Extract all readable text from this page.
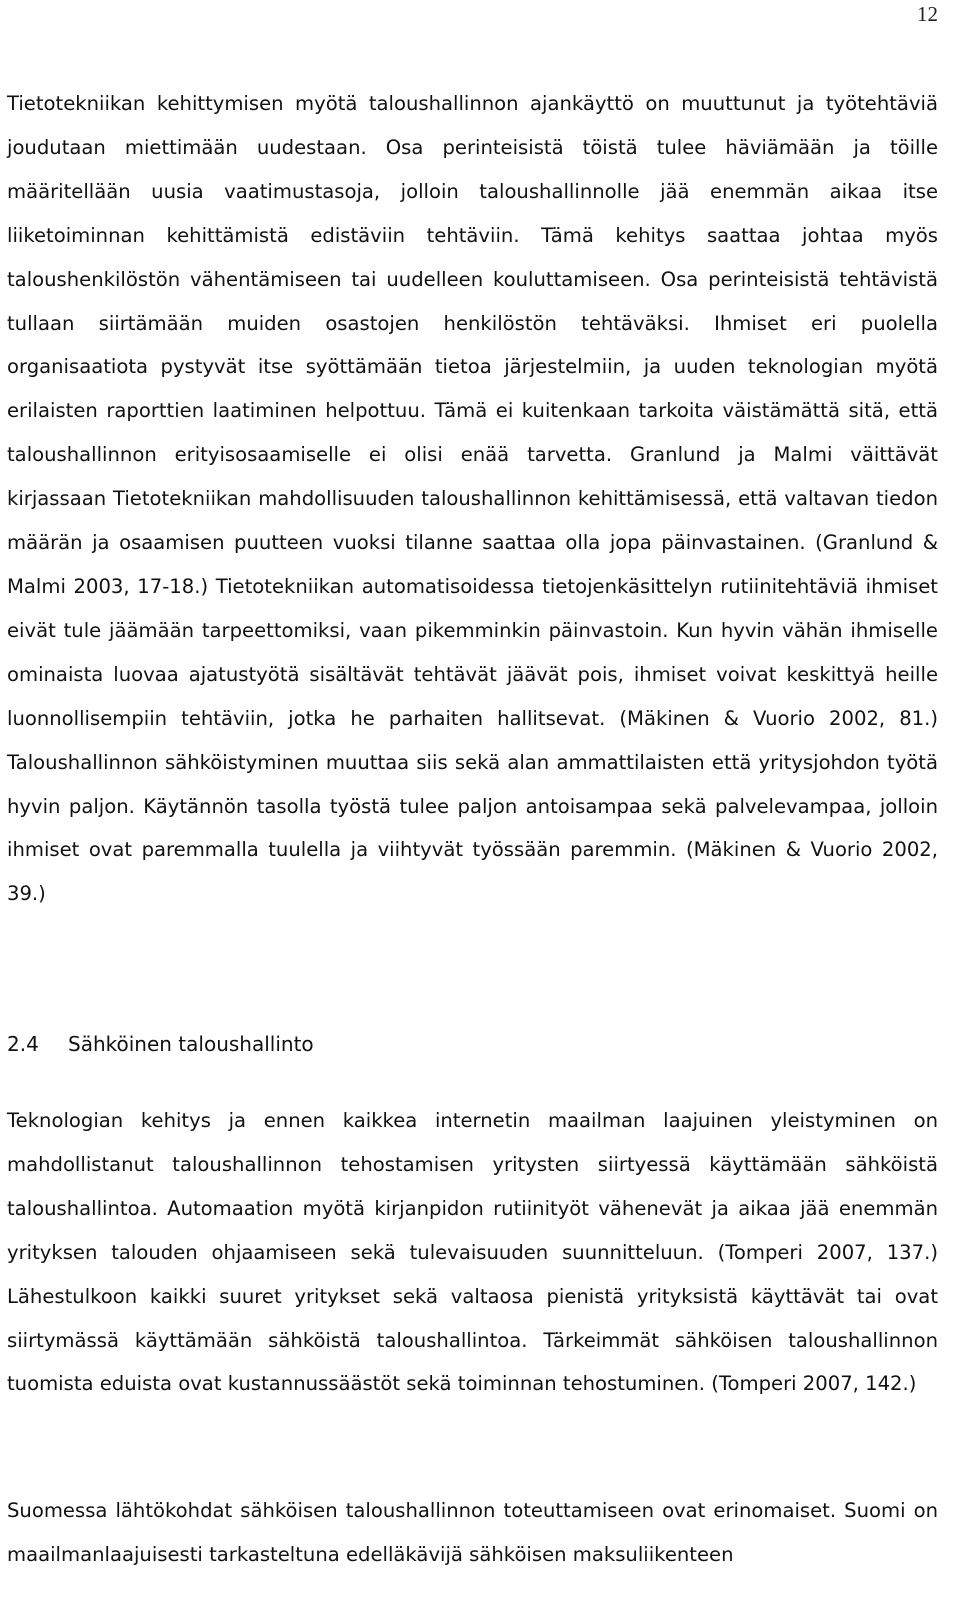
12

Tietotekniikan kehittymisen myötä taloushallinnon ajankäyttö on muuttunut ja työtehtäviä joudutaan miettimään uudestaan. Osa perinteisistä töistä tulee häviämään ja töille määritellään uusia vaatimustasoja, jolloin taloushallinnolle jää enemmän aikaa itse liiketoiminnan kehittämistä edistäviin tehtäviin. Tämä kehitys saattaa johtaa myös taloushenkilöstön vähentämiseen tai uudelleen kouluttamiseen. Osa perinteisistä tehtävistä tullaan siirtämään muiden osastojen henkilöstön tehtäväksi. Ihmiset eri puolella organisaatiota pystyvät itse syöttämään tietoa järjestelmiin, ja uuden teknologian myötä erilaisten raporttien laatiminen helpottuu. Tämä ei kuitenkaan tarkoita väistämättä sitä, että taloushallinnon erityisosaamiselle ei olisi enää tarvetta. Granlund ja Malmi väittävät kirjassaan Tietotekniikan mahdollisuuden taloushallinnon kehittämisessä, että valtavan tiedon määrän ja osaamisen puutteen vuoksi tilanne saattaa olla jopa päinvastainen. (Granlund & Malmi 2003, 17-18.) Tietotekniikan automatisoidessa tietojenkäsittelyn rutiinitehtäviä ihmiset eivät tule jäämään tarpeettomiksi, vaan pikemminkin päinvastoin. Kun hyvin vähän ihmiselle ominaista luovaa ajatustyötä sisältävät tehtävät jäävät pois, ihmiset voivat keskittyä heille luonnollisempiin tehtäviin, jotka he parhaiten hallitsevat. (Mäkinen & Vuorio 2002, 81.) Taloushallinnon sähköistyminen muuttaa siis sekä alan ammattilaisten että yritysjohdon työtä hyvin paljon. Käytännön tasolla työstä tulee paljon antoisampaa sekä palvelevampaa, jolloin ihmiset ovat paremmalla tuulella ja viihtyvät työssään paremmin. (Mäkinen & Vuorio 2002, 39.)

2.4 Sähköinen taloushallinto

Teknologian kehitys ja ennen kaikkea internetin maailman laajuinen yleistyminen on mahdollistanut taloushallinnon tehostamisen yritysten siirtyessä käyttämään sähköistä taloushallintoa. Automaation myötä kirjanpidon rutiinityöt vähenevät ja aikaa jää enemmän yrityksen talouden ohjaamiseen sekä tulevaisuuden suunnitteluun. (Tomperi 2007, 137.) Lähestulkoon kaikki suuret yritykset sekä valtaosa pienistä yrityksistä käyttävät tai ovat siirtymässä käyttämään sähköistä taloushallintoa. Tärkeimmät sähköisen taloushallinnon tuomista eduista ovat kustannussäästöt sekä toiminnan tehostuminen. (Tomperi 2007, 142.)

Suomessa lähtökohdat sähköisen taloushallinnon toteuttamiseen ovat erinomaiset. Suomi on maailmanlaajuisesti tarkasteltuna edelläkävijä sähköisen maksuliikenteen
